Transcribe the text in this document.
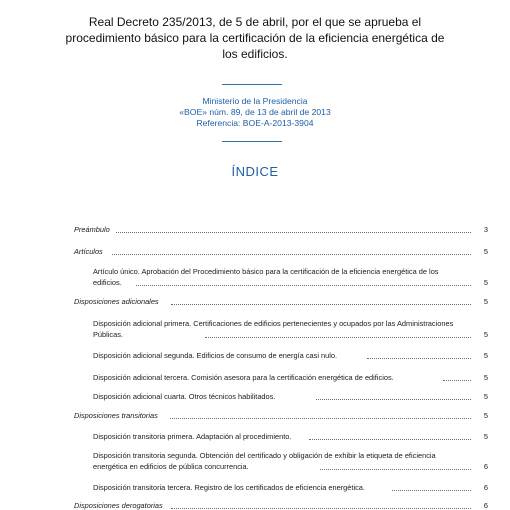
Real Decreto 235/2013, de 5 de abril, por el que se aprueba el procedimiento básico para la certificación de la eficiencia energética de los edificios.
Ministerio de la Presidencia
«BOE» núm. 89, de 13 de abril de 2013
Referencia: BOE-A-2013-3904
ÍNDICE
Preámbulo	3
Artículos	5
Artículo único. Aprobación del Procedimiento básico para la certificación de la eficiencia energética de los edificios.	5
Disposiciones adicionales	5
Disposición adicional primera. Certificaciones de edificios pertenecientes y ocupados por las Administraciones Públicas.	5
Disposición adicional segunda. Edificios de consumo de energía casi nulo.	5
Disposición adicional tercera. Comisión asesora para la certificación energética de edificios.	5
Disposición adicional cuarta. Otros técnicos habilitados.	5
Disposiciones transitorias	5
Disposición transitoria primera. Adaptación al procedimiento.	5
Disposición transitoria segunda. Obtención del certificado y obligación de exhibir la etiqueta de eficiencia energética en edificios de pública concurrencia.	6
Disposición transitoria tercera. Registro de los certificados de eficiencia energética.	6
Disposiciones derogatorias	6
